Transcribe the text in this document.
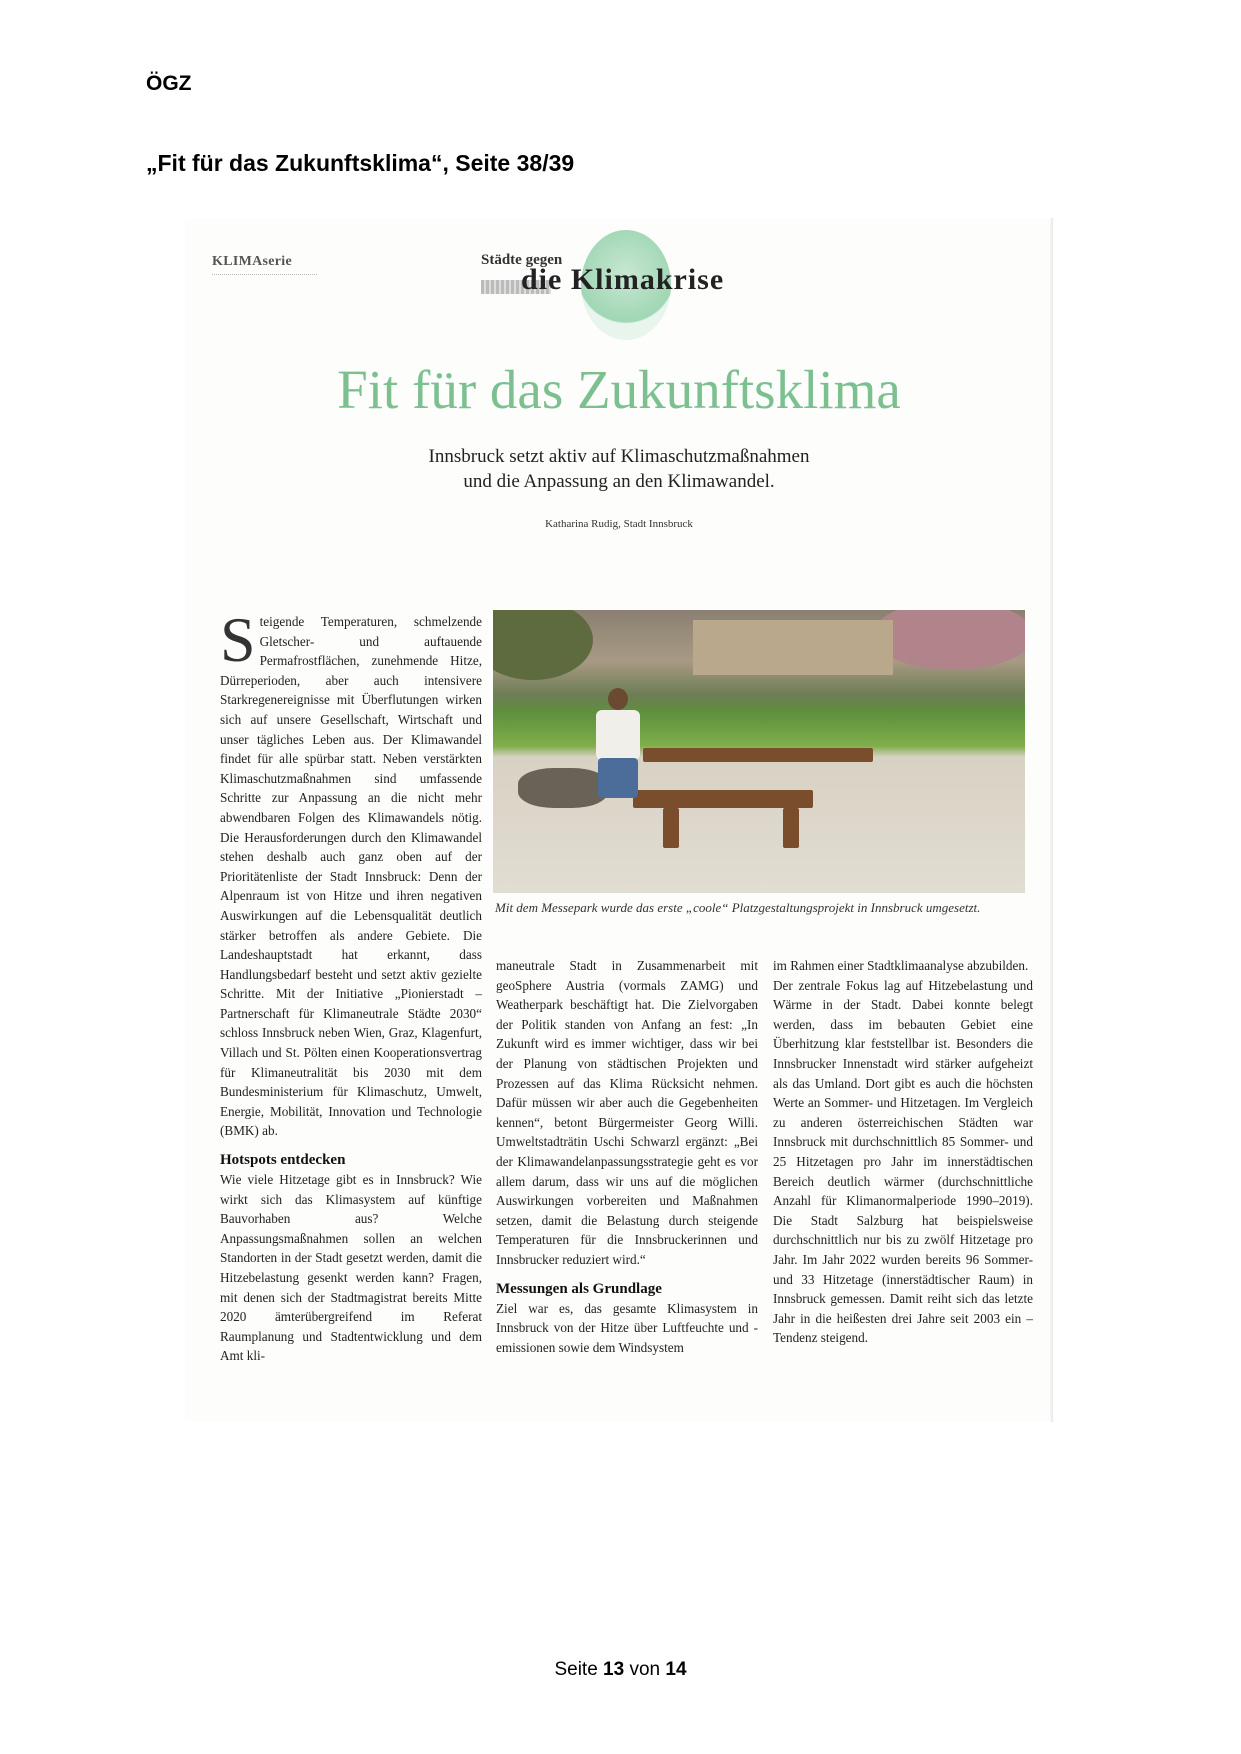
ÖGZ
„Fit für das Zukunftsklima“, Seite 38/39
KLIMAserie	Städte gegen
die Klimakrise
Fit für das Zukunftsklima
Innsbruck setzt aktiv auf Klimaschutzmaßnahmen
und die Anpassung an den Klimawandel.
Katharina Rudig, Stadt Innsbruck
S teigende Temperaturen, schmelzende Gletscher- und auftauende Permafrostflächen, zunehmende Hitze, Dürreperioden, aber auch intensivere Starkregenereignisse mit Überflutungen wirken sich auf unsere Gesellschaft, Wirtschaft und unser tägliches Leben aus. Der Klimawandel findet für alle spürbar statt. Neben verstärkten Klimaschutzmaßnahmen sind umfassende Schritte zur Anpassung an die nicht mehr abwendbaren Folgen des Klimawandels nötig. Die Herausforderungen durch den Klimawandel stehen deshalb auch ganz oben auf der Prioritätenliste der Stadt Innsbruck: Denn der Alpenraum ist von Hitze und ihren negativen Auswirkungen auf die Lebensqualität deutlich stärker betroffen als andere Gebiete. Die Landeshauptstadt hat erkannt, dass Handlungsbedarf besteht und setzt aktiv gezielte Schritte. Mit der Initiative „Pionierstadt – Partnerschaft für Klimaneutrale Städte 2030“ schloss Innsbruck neben Wien, Graz, Klagenfurt, Villach und St. Pölten einen Kooperationsvertrag für Klimaneutralität bis 2030 mit dem Bundesministerium für Klimaschutz, Umwelt, Energie, Mobilität, Innovation und Technologie (BMK) ab.

Hotspots entdecken

Wie viele Hitzetage gibt es in Innsbruck? Wie wirkt sich das Klimasystem auf künftige Bauvorhaben aus? Welche Anpassungsmaßnahmen sollen an welchen Standorten in der Stadt gesetzt werden, damit die Hitzebelastung gesenkt werden kann? Fragen, mit denen sich der Stadtmagistrat bereits Mitte 2020 ämterübergreifend im Referat Raumplanung und Stadtentwicklung und dem Amt kli-

Mit dem Messepark wurde das erste „coole“ Platzgestaltungsprojekt in Innsbruck umgesetzt.

maneutrale Stadt in Zusammenarbeit mit geoSphere Austria (vormals ZAMG) und Weatherpark beschäftigt hat. Die Zielvorgaben der Politik standen von Anfang an fest: „In Zukunft wird es immer wichtiger, dass wir bei der Planung von städtischen Projekten und Prozessen auf das Klima Rücksicht nehmen. Dafür müssen wir aber auch die Gegebenheiten kennen“, betont Bürgermeister Georg Willi. Umweltstadträtin Uschi Schwarzl ergänzt: „Bei der Klimawandelanpassungsstrategie geht es vor allem darum, dass wir uns auf die möglichen Auswirkungen vorbereiten und Maßnahmen setzen, damit die Belastung durch steigende Temperaturen für die Innsbruckerinnen und Innsbrucker reduziert wird.“

Messungen als Grundlage

Ziel war es, das gesamte Klimasystem in Innsbruck von der Hitze über Luftfeuchte und -emissionen sowie dem Windsystem

im Rahmen einer Stadtklimaanalyse abzubilden.

Der zentrale Fokus lag auf Hitzebelastung und Wärme in der Stadt. Dabei konnte belegt werden, dass im bebauten Gebiet eine Überhitzung klar feststellbar ist. Besonders die Innsbrucker Innenstadt wird stärker aufgeheizt als das Umland. Dort gibt es auch die höchsten Werte an Sommer- und Hitzetagen. Im Vergleich zu anderen österreichischen Städten war Innsbruck mit durchschnittlich 85 Sommer- und 25 Hitzetagen pro Jahr im innerstädtischen Bereich deutlich wärmer (durchschnittliche Anzahl für Klimanormalperiode 1990–2019). Die Stadt Salzburg hat beispielsweise durchschnittlich nur bis zu zwölf Hitzetage pro Jahr. Im Jahr 2022 wurden bereits 96 Sommer- und 33 Hitzetage (innerstädtischer Raum) in Innsbruck gemessen. Damit reiht sich das letzte Jahr in die heißesten drei Jahre seit 2003 ein – Tendenz steigend.

Seite 13 von 14
